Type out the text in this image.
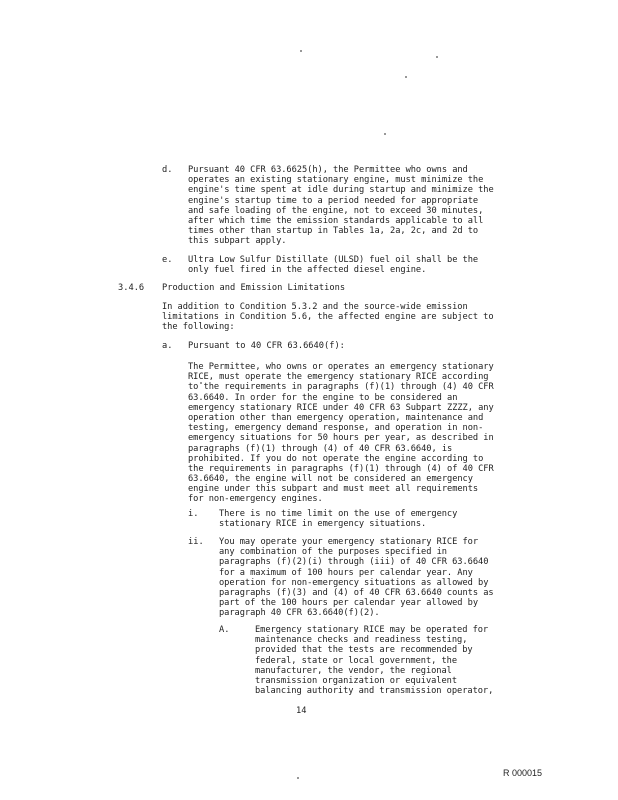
d. Pursuant 40 CFR 63.6625(h), the Permittee who owns and
operates an existing stationary engine, must minimize the
engine's time spent at idle during startup and minimize the
engine's startup time to a period needed for appropriate
and safe loading of the engine, not to exceed 30 minutes,
after which time the emission standards applicable to all
times other than startup in Tables 1a, 2a, 2c, and 2d to
this subpart apply.
e. Ultra Low Sulfur Distillate (ULSD) fuel oil shall be the
only fuel fired in the affected diesel engine.
3.4.6 Production and Emission Limitations
In addition to Condition 5.3.2 and the source-wide emission
limitations in Condition 5.6, the affected engine are subject to
the following:
a. Pursuant to 40 CFR 63.6640(f):
The Permittee, who owns or operates an emergency stationary
RICE, must operate the emergency stationary RICE according
to the requirements in paragraphs (f)(1) through (4) 40 CFR
63.6640. In order for the engine to be considered an
emergency stationary RICE under 40 CFR 63 Subpart ZZZZ, any
operation other than emergency operation, maintenance and
testing, emergency demand response, and operation in non-
emergency situations for 50 hours per year, as described in
paragraphs (f)(1) through (4) of 40 CFR 63.6640, is
prohibited. If you do not operate the engine according to
the requirements in paragraphs (f)(1) through (4) of 40 CFR
63.6640, the engine will not be considered an emergency
engine under this subpart and must meet all requirements
for non-emergency engines.
i. There is no time limit on the use of emergency
stationary RICE in emergency situations.
ii. You may operate your emergency stationary RICE for
any combination of the purposes specified in
paragraphs (f)(2)(i) through (iii) of 40 CFR 63.6640
for a maximum of 100 hours per calendar year. Any
operation for non-emergency situations as allowed by
paragraphs (f)(3) and (4) of 40 CFR 63.6640 counts as
part of the 100 hours per calendar year allowed by
paragraph 40 CFR 63.6640(f)(2).
A.	Emergency stationary RICE may be operated for
maintenance checks and readiness testing,
provided that the tests are recommended by
federal, state or local government, the
manufacturer, the vendor, the regional
transmission organization or equivalent
balancing authority and transmission operator,
14
R 000015
